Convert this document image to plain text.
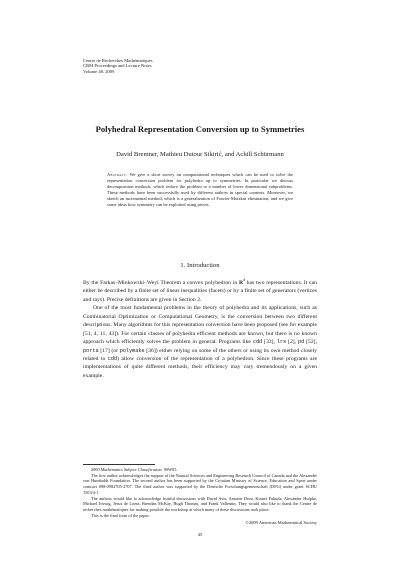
Centre de Recherches Mathématiques
CRM Proceedings and Lecture Notes
Volume 48, 2009
Polyhedral Representation Conversion up to Symmetries
David Bremner, Mathieu Dutour Sikirić, and Achill Schürmann
Abstract. We give a short survey on computational techniques which can be used to solve the representation conversion problem for polyhedra up to symmetries. In particular we discuss decomposition methods, which reduce the problem to a number of lower dimensional subproblems. These methods have been successfully used by different authors in special contexts. Moreover, we sketch an incremental method, which is a generalization of Fourier-Motzkin elimination, and we give some ideas how symmetry can be exploited using pivots.
1. Introduction

By the Farkas–Minkowski–Weyl Theorem a convex polyhedron in $R^d$ has two representations. It can either be described by a finite set of linear inequalities (facets) or by a finite set of generators (vertices and rays). Precise definitions are given in Section 2.

One of the most fundamental problems in the theory of polyhedra and its applications, such as Combinatorial Optimization or Computational Geometry, is the conversion between two different descriptions. Many algorithms for this representation conversion have been proposed (see for example [51, 4, 11, 43]). For certain classes of polyhedra efficient methods are known, but there is no known approach which efficiently solves the problem in general. Programs like cdd [33], lrs [2], pd [52], porta [17] (or polymake [36]) either relying on some of the others or using its own method closely related to cdd) allow conversion of the representation of a polyhedron. Since these programs are implementations of quite different methods, their efficiency may vary tremendously on a given example.

2000 Mathematics Subject Classification. 90W05.

The first author acknowledges the support of the Natural Sciences and Engineering Research Council of Canada and the Alexander von Humboldt Foundation. The second author has been supported by the Croatian Ministry of Science, Education and Sport under contract 098-0982705-2707. The third author was supported by the Deutsche Forschungsgemeinschaft (DFG) under grant SCHU 1503/4-1.

The authors would like to acknowledge fruitful discussions with David Avis, Antoine Deza, Komei Fukuda, Alexander Hulpke, Michael Joswig, Jesus de Loera, Brendan McKay, Hugh Thomas, and Frank Vallentin. They would also like to thank the Centre de recherches mathématiques for making possible the workshop at which many of these discussions took place.

This is the final form of the paper.

©2009 American Mathematical Society
45
